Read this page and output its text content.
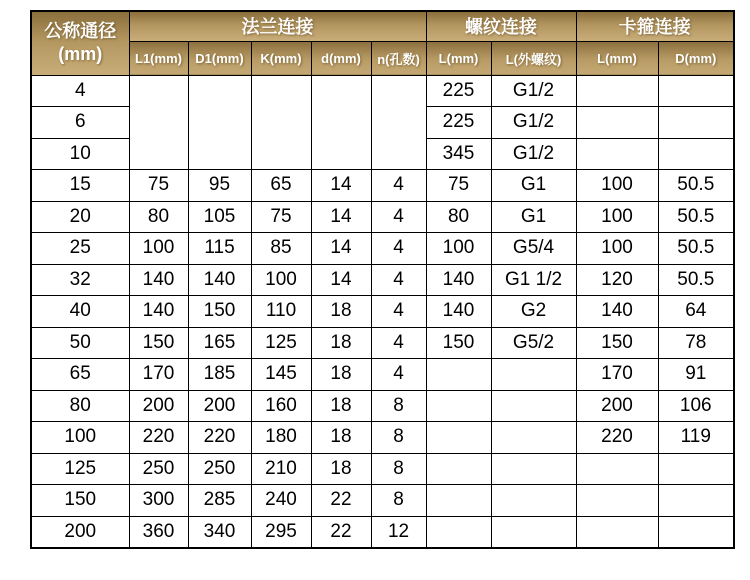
公称通径
(mm)	法兰连接					螺纹连接		卡箍连接	
	L1(mm)	D1(mm)	K(mm)	d(mm)	n(孔数)	L(mm)	L(外螺纹)	L(mm)	D(mm)
4						225	G1/2		
6						225	G1/2		
10						345	G1/2		
15	75	95	65	14	4	75	G1	100	50.5
20	80	105	75	14	4	80	G1	100	50.5
25	100	115	85	14	4	100	G5/4	100	50.5
32	140	140	100	14	4	140	G1 1/2	120	50.5
40	140	150	110	18	4	140	G2	140	64
50	150	165	125	18	4	150	G5/2	150	78
65	170	185	145	18	4			170	91
80	200	200	160	18	8			200	106
100	220	220	180	18	8			220	119
125	250	250	210	18	8				
150	300	285	240	22	8				
200	360	340	295	22	12				
